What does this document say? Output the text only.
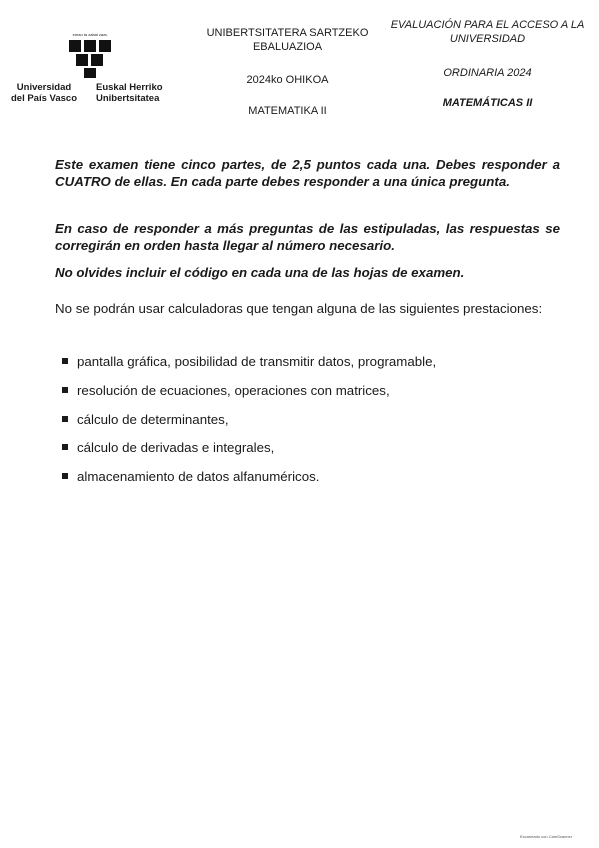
eman ta zabal zazu
Universidad
del País Vasco
Euskal Herriko
Unibertsitatea
UNIBERTSITATERA SARTZEKO
EBALUAZIOA
2024ko OHIKOA
MATEMATIKA II
EVALUACIÓN PARA EL ACCESO A LA
UNIVERSIDAD
ORDINARIA 2024
MATEMÁTICAS II

Este examen tiene cinco partes, de 2,5 puntos cada una. Debes responder a CUATRO de ellas. En cada parte debes responder a una única pregunta.

En caso de responder a más preguntas de las estipuladas, las respuestas se corregirán en orden hasta llegar al número necesario.

No olvides incluir el código en cada una de las hojas de examen.

No se podrán usar calculadoras que tengan alguna de las siguientes prestaciones:

pantalla gráfica, posibilidad de transmitir datos, programable,
resolución de ecuaciones, operaciones con matrices,
cálculo de determinantes,
cálculo de derivadas e integrales,
almacenamiento de datos alfanuméricos.
Escaneado con CamScanner
